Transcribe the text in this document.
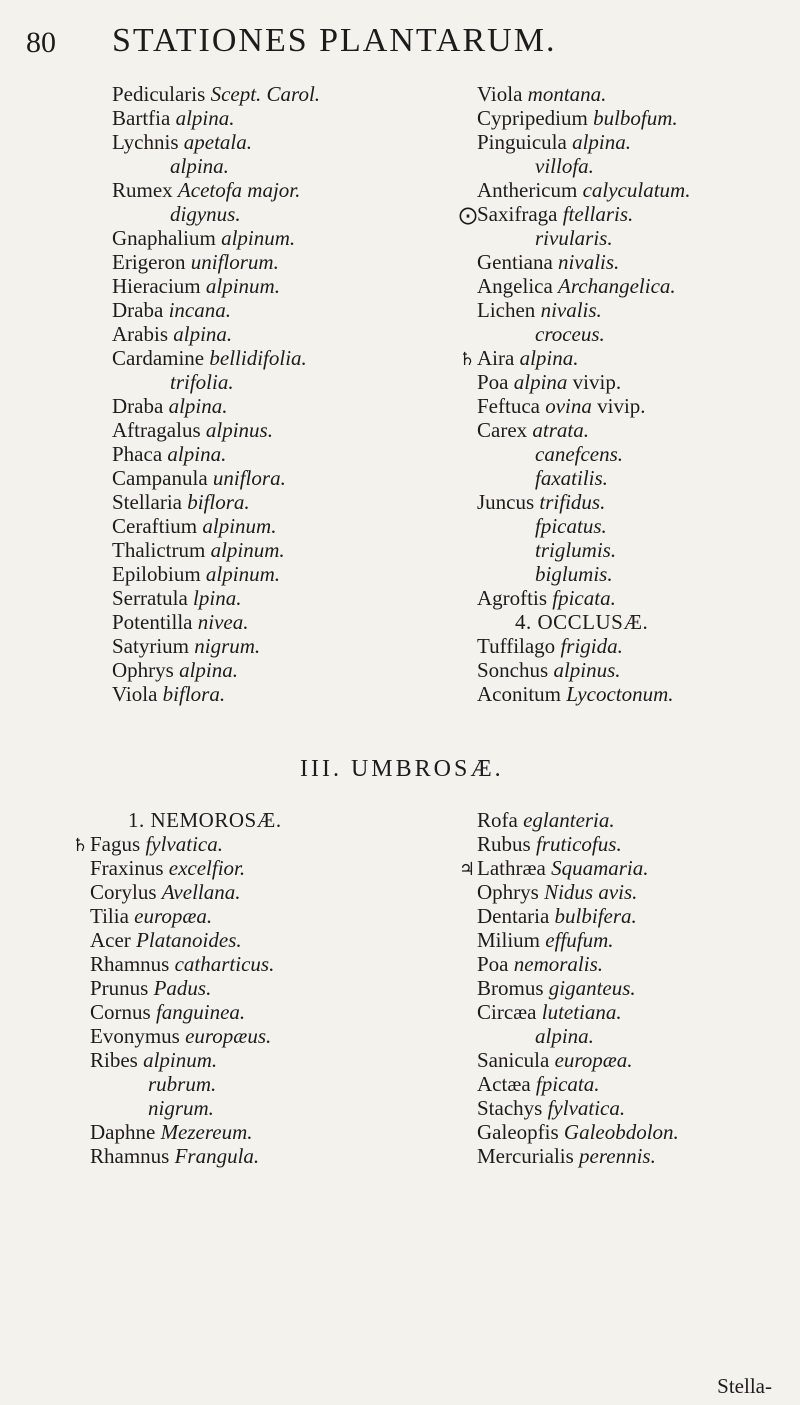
80 STATIONES PLANTARUM.
Pedicularis Scept. Carol.
Bartfia alpina.
Lychnis apetala.
alpina.
Rumex Acetofa major.
digynus.
Gnaphalium alpinum.
Erigeron uniflorum.
Hieracium alpinum.
Draba incana.
Arabis alpina.
Cardamine bellidifolia.
trifolia.
Draba alpina.
Aftragalus alpinus.
Phaca alpina.
Campanula uniflora.
Stellaria biflora.
Ceraftium alpinum.
Thalictrum alpinum.
Epilobium alpinum.
Serratula lpina.
Potentilla nivea.
Satyrium nigrum.
Ophrys alpina.
Viola biflora.
Viola montana.
Cypripedium bulbofum.
Pinguicula alpina.
villofa.
Anthericum calyculatum.
⨀Saxifraga ftellaris.
rivularis.
Gentiana nivalis.
Angelica Archangelica.
Lichen nivalis.
croceus.
♄Aira alpina.
Poa alpina vivip.
Feftuca ovina vivip.
Carex atrata.
canefcens.
faxatilis.
Juncus trifidus.
fpicatus.
triglumis.
biglumis.
Agroftis fpicata.
4. OCCLUSÆ.
Tuffilago frigida.
Sonchus alpinus.
Aconitum Lycoctonum.
III. UMBROSÆ.
1. NEMOROSÆ.
♄Fagus fylvatica.
Fraxinus excelfior.
Corylus Avellana.
Tilia europæa.
Acer Platanoides.
Rhamnus catharticus.
Prunus Padus.
Cornus fanguinea.
Evonymus europæus.
Ribes alpinum.
rubrum.
nigrum.
Daphne Mezereum.
Rhamnus Frangula.
Rofa eglanteria.
Rubus fruticofus.
♃Lathræa Squamaria.
Ophrys Nidus avis.
Dentaria bulbifera.
Milium effufum.
Poa nemoralis.
Bromus giganteus.
Circæa lutetiana.
alpina.
Sanicula europæa.
Actæa fpicata.
Stachys fylvatica.
Galeopfis Galeobdolon.
Mercurialis perennis.
Stella-
